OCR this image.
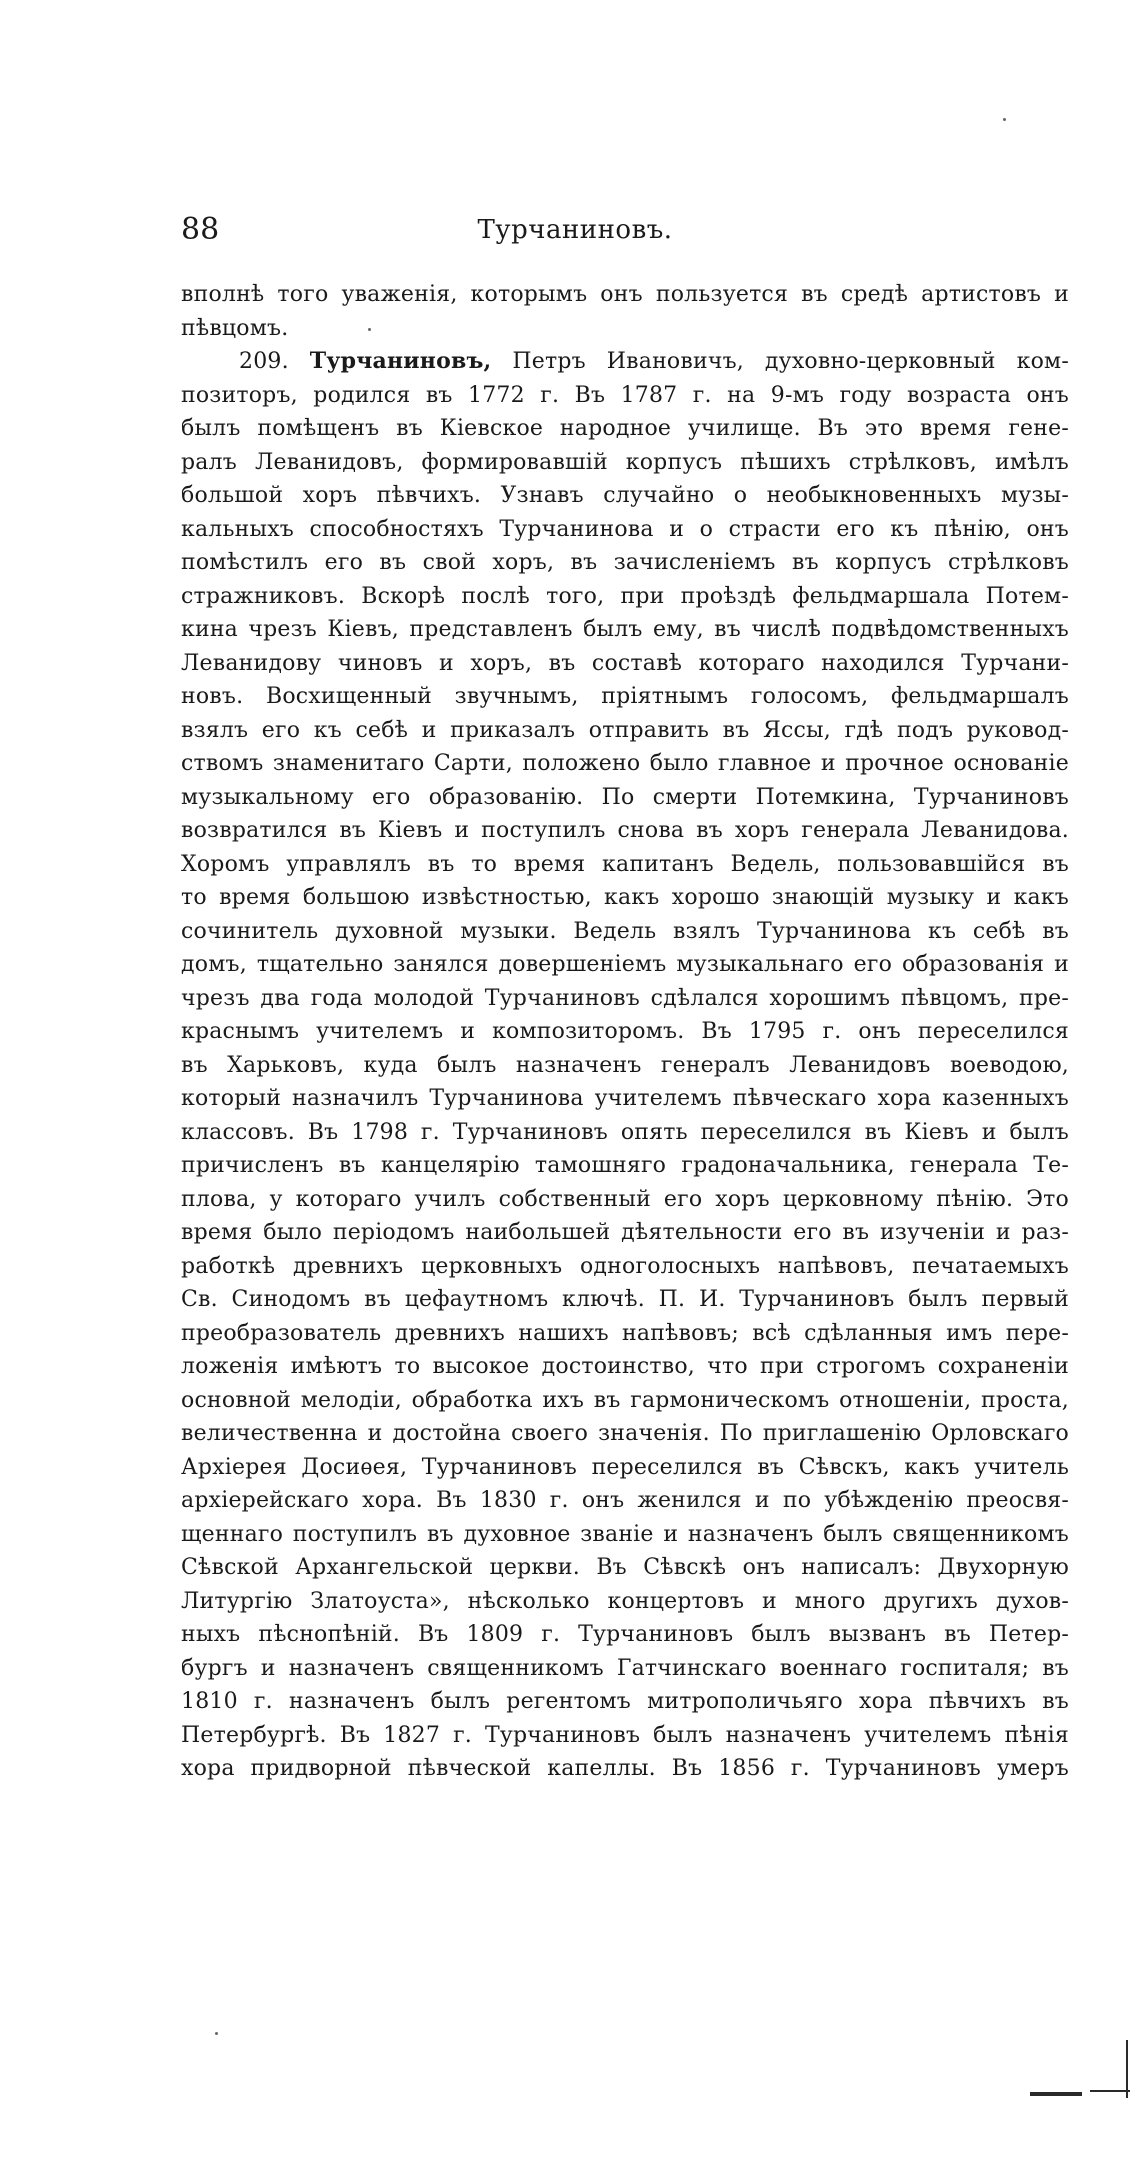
88	Турчаниновъ.
вполнѣ того уваженія, которымъ онъ пользуется въ средѣ артистовъ и
пѣвцомъ.
209. Турчаниновъ, Петръ Ивановичъ, духовно-церковный ком-
позиторъ, родился въ 1772 г. Въ 1787 г. на 9-мъ году возраста онъ
былъ помѣщенъ въ Кіевское народное училище. Въ это время гене-
ралъ Леванидовъ, формировавшій корпусъ пѣшихъ стрѣлковъ, имѣлъ
большой хоръ пѣвчихъ. Узнавъ случайно о необыкновенныхъ музы-
кальныхъ способностяхъ Турчанинова и о страсти его къ пѣнію, онъ
помѣстилъ его въ свой хоръ, въ зачисленіемъ въ корпусъ стрѣлковъ
стражниковъ. Вскорѣ послѣ того, при проѣздѣ фельдмаршала Потем-
кина чрезъ Кіевъ, представленъ былъ ему, въ числѣ подвѣдомственныхъ
Леванидову чиновъ и хоръ, въ составѣ котораго находился Турчани-
новъ. Восхищенный звучнымъ, пріятнымъ голосомъ, фельдмаршалъ
взялъ его къ себѣ и приказалъ отправить въ Яссы, гдѣ подъ руковод-
ствомъ знаменитаго Сарти, положено было главное и прочное основаніе
музыкальному его образованію. По смерти Потемкина, Турчаниновъ
возвратился въ Кіевъ и поступилъ снова въ хоръ генерала Леванидова.
Хоромъ управлялъ въ то время капитанъ Ведель, пользовавшійся въ
то время большою извѣстностью, какъ хорошо знающій музыку и какъ
сочинитель духовной музыки. Ведель взялъ Турчанинова къ себѣ въ
домъ, тщательно занялся довершеніемъ музыкальнаго его образованія и
чрезъ два года молодой Турчаниновъ сдѣлался хорошимъ пѣвцомъ, пре-
краснымъ учителемъ и композиторомъ. Въ 1795 г. онъ переселился
въ Харьковъ, куда былъ назначенъ генералъ Леванидовъ воеводою,
который назначилъ Турчанинова учителемъ пѣвческаго хора казенныхъ
классовъ. Въ 1798 г. Турчаниновъ опять переселился въ Кіевъ и былъ
причисленъ въ канцелярію тамошняго градоначальника, генерала Те-
плова, у котораго училъ собственный его хоръ церковному пѣнію. Это
время было періодомъ наибольшей дѣятельности его въ изученіи и раз-
работкѣ древнихъ церковныхъ одноголосныхъ напѣвовъ, печатаемыхъ
Св. Синодомъ въ цефаутномъ ключѣ. П. И. Турчаниновъ былъ первый
преобразователь древнихъ нашихъ напѣвовъ; всѣ сдѣланныя имъ пере-
ложенія имѣютъ то высокое достоинство, что при строгомъ сохраненіи
основной мелодіи, обработка ихъ въ гармоническомъ отношеніи, проста,
величественна и достойна своего значенія. По приглашенію Орловскаго
Архіерея Досиѳея, Турчаниновъ переселился въ Сѣвскъ, какъ учитель
архіерейскаго хора. Въ 1830 г. онъ женился и по убѣжденію преосвя-
щеннаго поступилъ въ духовное званіе и назначенъ былъ священникомъ
Сѣвской Архангельской церкви. Въ Сѣвскѣ онъ написалъ: Двухорную
Литургію Златоуста», нѣсколько концертовъ и много другихъ духов-
ныхъ пѣснопѣній. Въ 1809 г. Турчаниновъ былъ вызванъ въ Петер-
бургъ и назначенъ священникомъ Гатчинскаго военнаго госпиталя; въ
1810 г. назначенъ былъ регентомъ митрополичьяго хора пѣвчихъ въ
Петербургѣ. Въ 1827 г. Турчаниновъ былъ назначенъ учителемъ пѣнія
хора придворной пѣвческой капеллы. Въ 1856 г. Турчаниновъ умеръ
